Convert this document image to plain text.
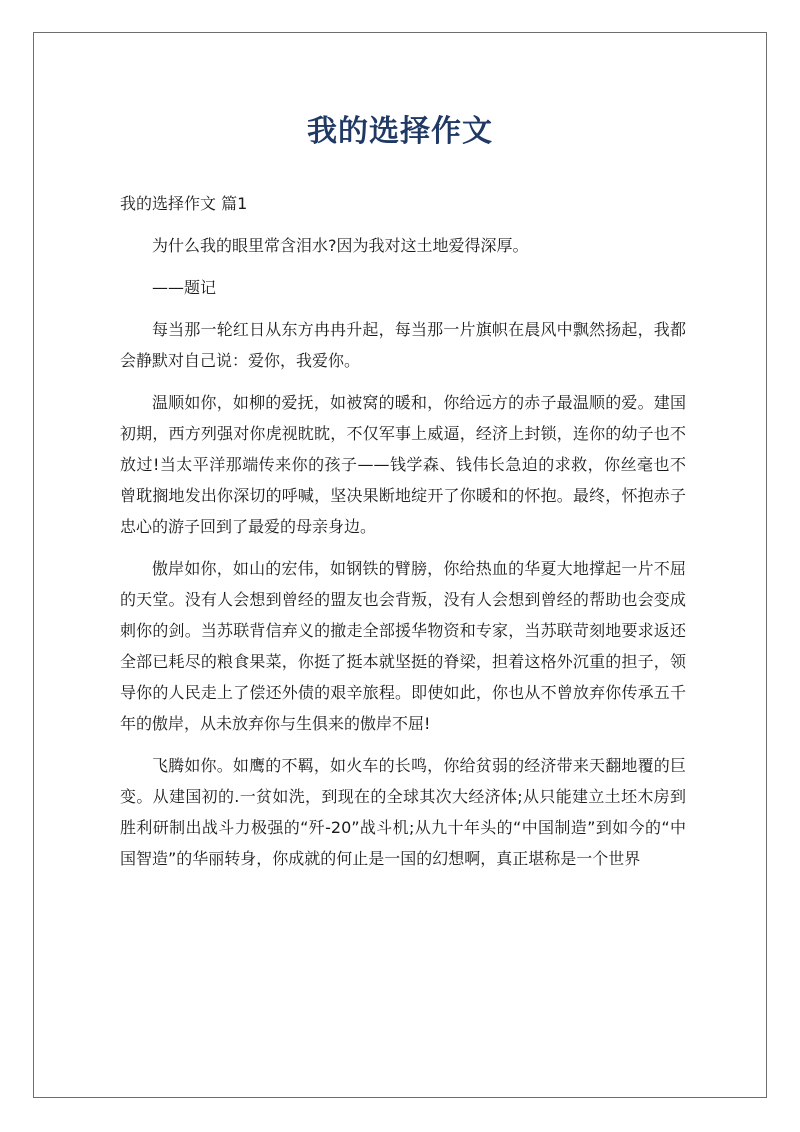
我的选择作文

我的选择作文 篇1

为什么我的眼里常含泪水?因为我对这土地爱得深厚。

——题记

每当那一轮红日从东方冉冉升起，每当那一片旗帜在晨风中飘然扬起，我都会静默对自己说：爱你，我爱你。

温顺如你，如柳的爱抚，如被窝的暖和，你给远方的赤子最温顺的爱。建国初期，西方列强对你虎视眈眈，不仅军事上威逼，经济上封锁，连你的幼子也不放过!当太平洋那端传来你的孩子——钱学森、钱伟长急迫的求救，你丝毫也不曾耽搁地发出你深切的呼喊，坚决果断地绽开了你暖和的怀抱。最终，怀抱赤子忠心的游子回到了最爱的母亲身边。

傲岸如你，如山的宏伟，如钢铁的臂膀，你给热血的华夏大地撑起一片不屈的天堂。没有人会想到曾经的盟友也会背叛，没有人会想到曾经的帮助也会变成刺你的剑。当苏联背信弃义的撤走全部援华物资和专家，当苏联苛刻地要求返还全部已耗尽的粮食果菜，你挺了挺本就坚挺的脊梁，担着这格外沉重的担子，领导你的人民走上了偿还外债的艰辛旅程。即使如此，你也从不曾放弃你传承五千年的傲岸，从未放弃你与生俱来的傲岸不屈!

飞腾如你。如鹰的不羁，如火车的长鸣，你给贫弱的经济带来天翻地覆的巨变。从建国初的.一贫如洗，到现在的全球其次大经济体;从只能建立土坯木房到胜利研制出战斗力极强的“歼-20”战斗机;从九十年头的“中国制造”到如今的“中国智造”的华丽转身，你成就的何止是一国的幻想啊，真正堪称是一个世界
